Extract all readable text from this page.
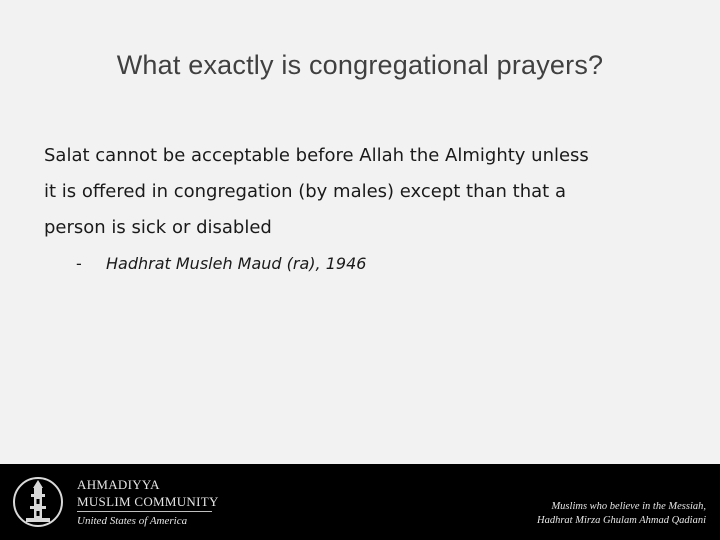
What exactly is congregational prayers?
Salat cannot be acceptable before Allah the Almighty unless
it is offered in congregation (by males) except than that a
person is sick or disabled
- Hadhrat Musleh Maud (ra), 1946
AHMADIYYA
MUSLIM COMMUNITY
United States of America
Muslims who believe in the Messiah,
Hadhrat Mirza Ghulam Ahmad Qadiani
